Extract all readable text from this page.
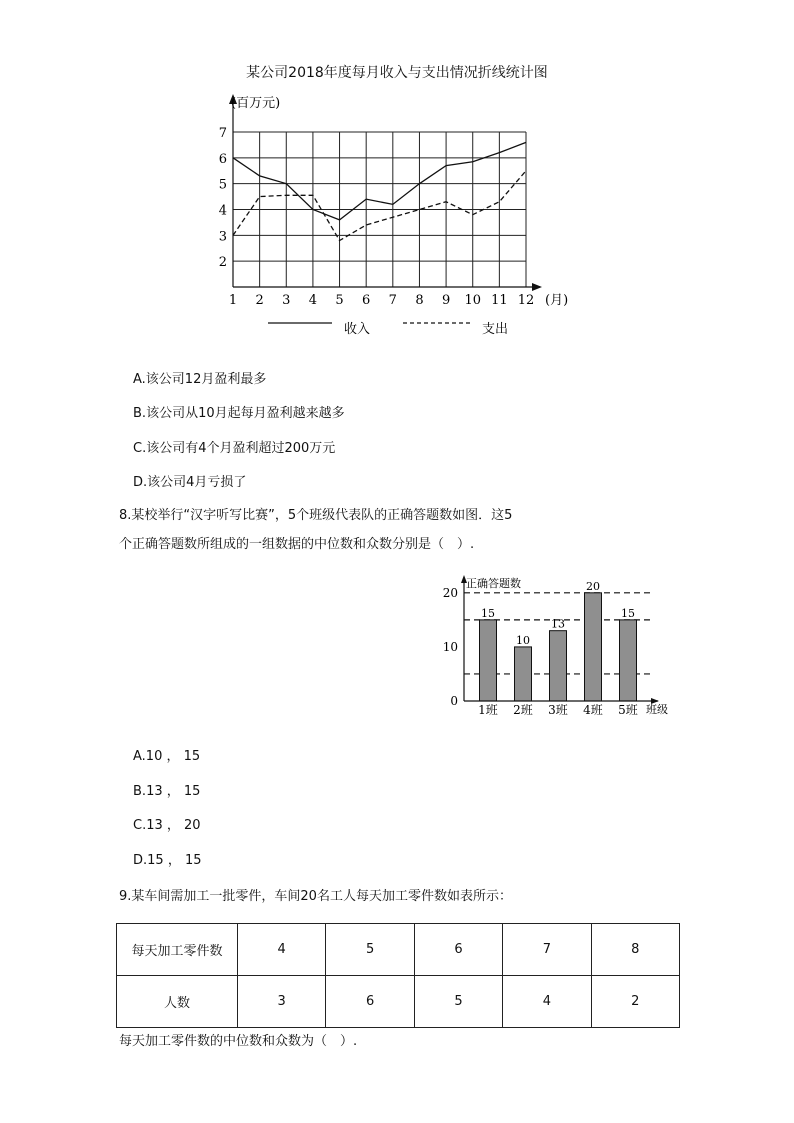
某公司2018年度每月收入与支出情况折线统计图
2
3
4
5
6
7
1 2 3 4 5 6 7 8 9 10 11 12
(百万元)
(月)
收入	支出
A.该公司12月盈利最多
B.该公司从10月起每月盈利越来越多
C.该公司有4个月盈利超过200万元
D.该公司4月亏损了
8.某校举行“汉字听写比赛”，5个班级代表队的正确答题数如图．这5
个正确答题数所组成的一组数据的中位数和众数分别是（　）.
15
1班
10
2班
13
3班
20
4班
15
5班
0
10
20
正确答题数
班级
A.10 ， 15
B.13 ， 15
C.13 ， 20
D.15 ， 15
9.某车间需加工一批零件，车间20名工人每天加工零件数如表所示：
每天加工零件数	4	5	6	7	8
人数	3	6	5	4	2
每天加工零件数的中位数和众数为（　）.
